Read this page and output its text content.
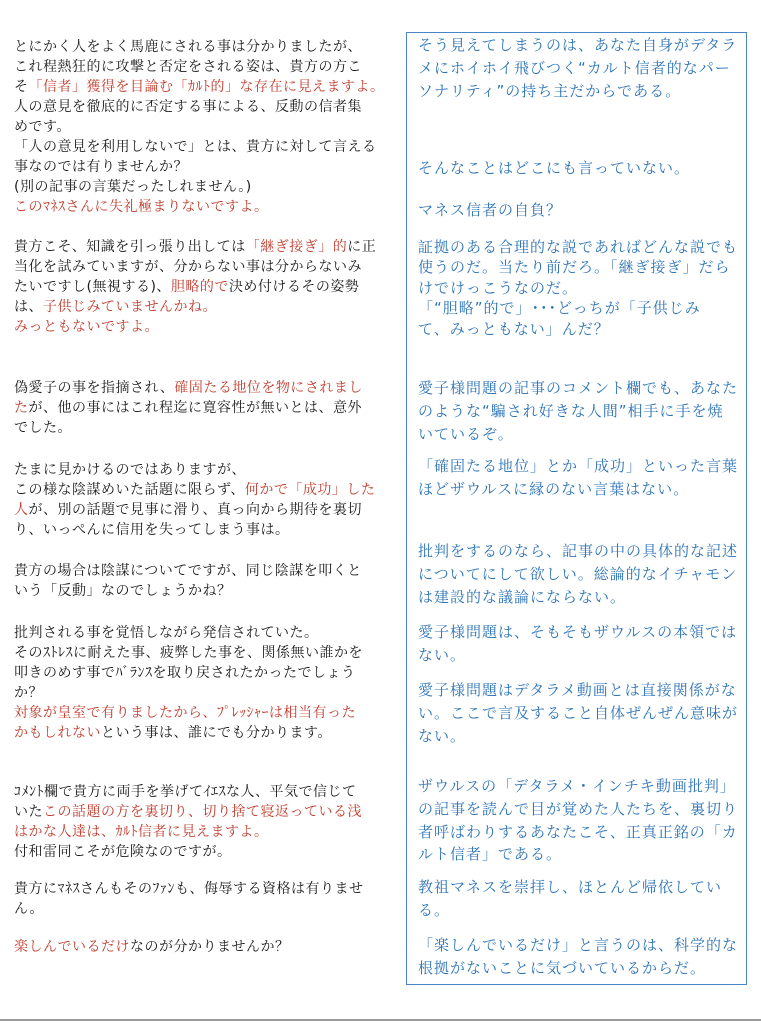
とにかく人をよく馬鹿にされる事は分かりましたが、
これ程熱狂的に攻撃と否定をされる姿は、貴方の方こ
そ「信者」獲得を目論む「ｶﾙﾄ的」な存在に見えますよ。
人の意見を徹底的に否定する事による、反動の信者集
めです。
「人の意見を利用しないで」とは、貴方に対して言える
事なのでは有りませんか？
(別の記事の言葉だったしれません。)
このﾏﾈｽさんに失礼極まりないですよ。
貴方こそ、知識を引っ張り出しては「継ぎ接ぎ」的に正
当化を試みていますが、分からない事は分からないみ
たいですし(無視する)、胆略的で決め付けるその姿勢
は、子供じみていませんかね。
みっともないですよ。
偽愛子の事を指摘され、確固たる地位を物にされまし
たが、他の事にはこれ程迄に寛容性が無いとは、意外
でした。
たまに見かけるのではありますが、
この様な陰謀めいた話題に限らず、何かで「成功」した
人が、別の話題で見事に滑り、真っ向から期待を裏切
り、いっぺんに信用を失ってしまう事は。
貴方の場合は陰謀についてですが、同じ陰謀を叩くと
いう「反動」なのでしょうかね？
批判される事を覚悟しながら発信されていた。
そのｽﾄﾚｽに耐えた事、疲弊した事を、関係無い誰かを
叩きのめす事でﾊﾞﾗﾝｽを取り戻されたかったでしょう
か？
対象が皇室で有りましたから、ﾌﾟﾚｯｼｬｰは相当有った
かもしれないという事は、誰にでも分かります。
ｺﾒﾝﾄ欄で貴方に両手を挙げてｲｴｽな人、平気で信じて
いたこの話題の方を裏切り、切り捨て寝返っている浅
はかな人達は、ｶﾙﾄ信者に見えますよ。
付和雷同こそが危険なのですが。
貴方にﾏﾈｽさんもそのﾌｧﾝも、侮辱する資格は有りませ
ん。
楽しんでいるだけなのが分かりませんか？
そう見えてしまうのは、あなた自身がデタラ
メにホイホイ飛びつく“カルト信者的なパー
ソナリティ”の持ち主だからである。
そんなことはどこにも言っていない。
マネス信者の自負？
証拠のある合理的な説であればどんな説でも
使うのだ。当たり前だろ。「継ぎ接ぎ」だら
けでけっこうなのだ。
「“胆略”的で」･･･どっちが「子供じみ
て、みっともない」んだ？
愛子様問題の記事のコメント欄でも、あなた
のような“騙され好きな人間”相手に手を焼
いているぞ。
「確固たる地位」とか「成功」といった言葉
ほどザウルスに縁のない言葉はない。
批判をするのなら、記事の中の具体的な記述
についてにして欲しい。総論的なイチャモン
は建設的な議論にならない。
愛子様問題は、そもそもザウルスの本領では
ない。
愛子様問題はデタラメ動画とは直接関係がな
い。ここで言及すること自体ぜんぜん意味が
ない。
ザウルスの「デタラメ・インチキ動画批判」
の記事を読んで目が覚めた人たちを、裏切り
者呼ばわりするあなたこそ、正真正銘の「カ
ルト信者」である。
教祖マネスを崇拝し、ほとんど帰依してい
る。
「楽しんでいるだけ」と言うのは、科学的な
根拠がないことに気づいているからだ。
